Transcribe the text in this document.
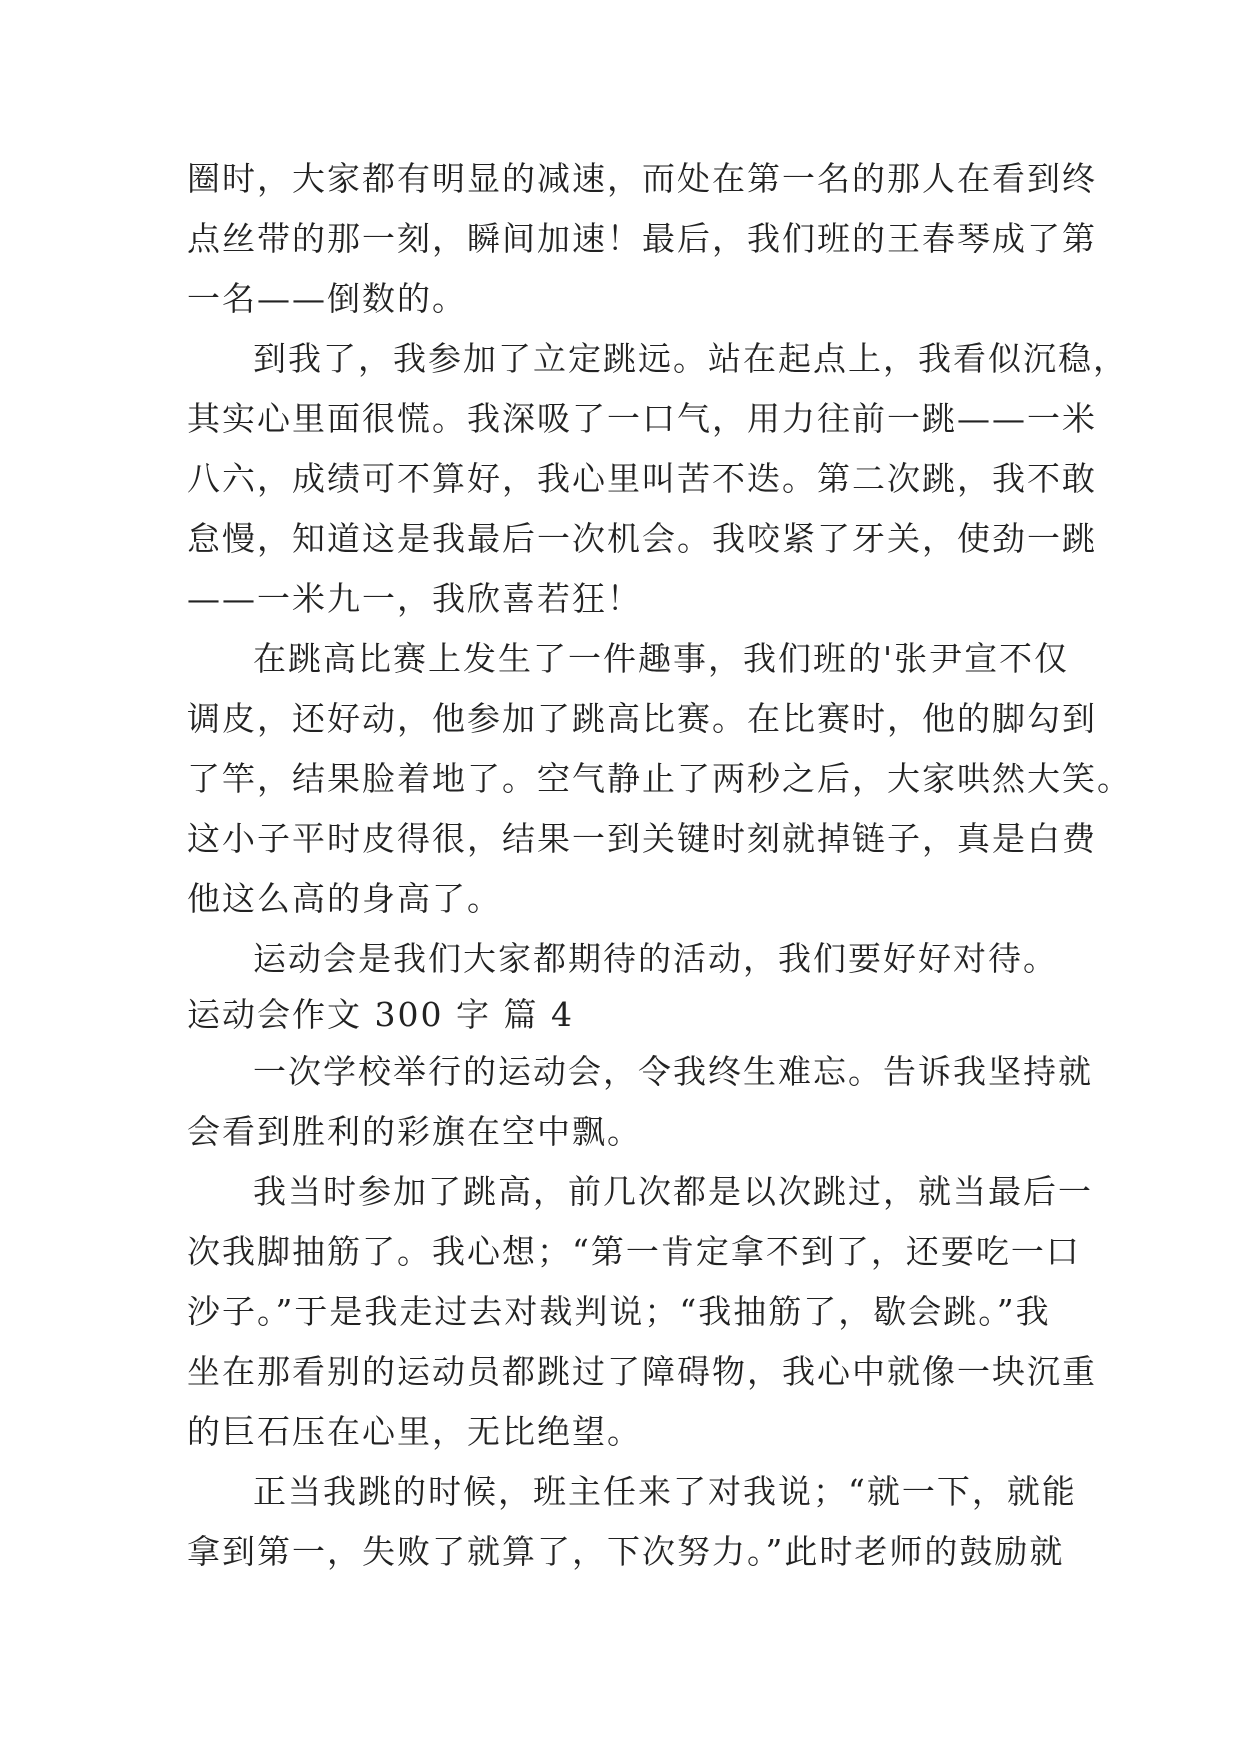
圈时，大家都有明显的减速，而处在第一名的那人在看到终
点丝带的那一刻，瞬间加速！最后，我们班的王春琴成了第
一名——倒数的。
到我了，我参加了立定跳远。站在起点上，我看似沉稳，
其实心里面很慌。我深吸了一口气，用力往前一跳——一米
八六，成绩可不算好，我心里叫苦不迭。第二次跳，我不敢
怠慢，知道这是我最后一次机会。我咬紧了牙关，使劲一跳
——一米九一，我欣喜若狂！
在跳高比赛上发生了一件趣事，我们班的'张尹宣不仅
调皮，还好动，他参加了跳高比赛。在比赛时，他的脚勾到
了竿，结果脸着地了。空气静止了两秒之后，大家哄然大笑。
这小子平时皮得很，结果一到关键时刻就掉链子，真是白费
他这么高的身高了。
运动会是我们大家都期待的活动，我们要好好对待。
运动会作文 300 字 篇 4
一次学校举行的运动会，令我终生难忘。告诉我坚持就
会看到胜利的彩旗在空中飘。
我当时参加了跳高，前几次都是以次跳过，就当最后一
次我脚抽筋了。我心想；“第一肯定拿不到了，还要吃一口
沙子。”于是我走过去对裁判说；“我抽筋了，歇会跳。”我
坐在那看别的运动员都跳过了障碍物，我心中就像一块沉重
的巨石压在心里，无比绝望。
正当我跳的时候，班主任来了对我说；“就一下，就能
拿到第一，失败了就算了，下次努力。”此时老师的鼓励就
